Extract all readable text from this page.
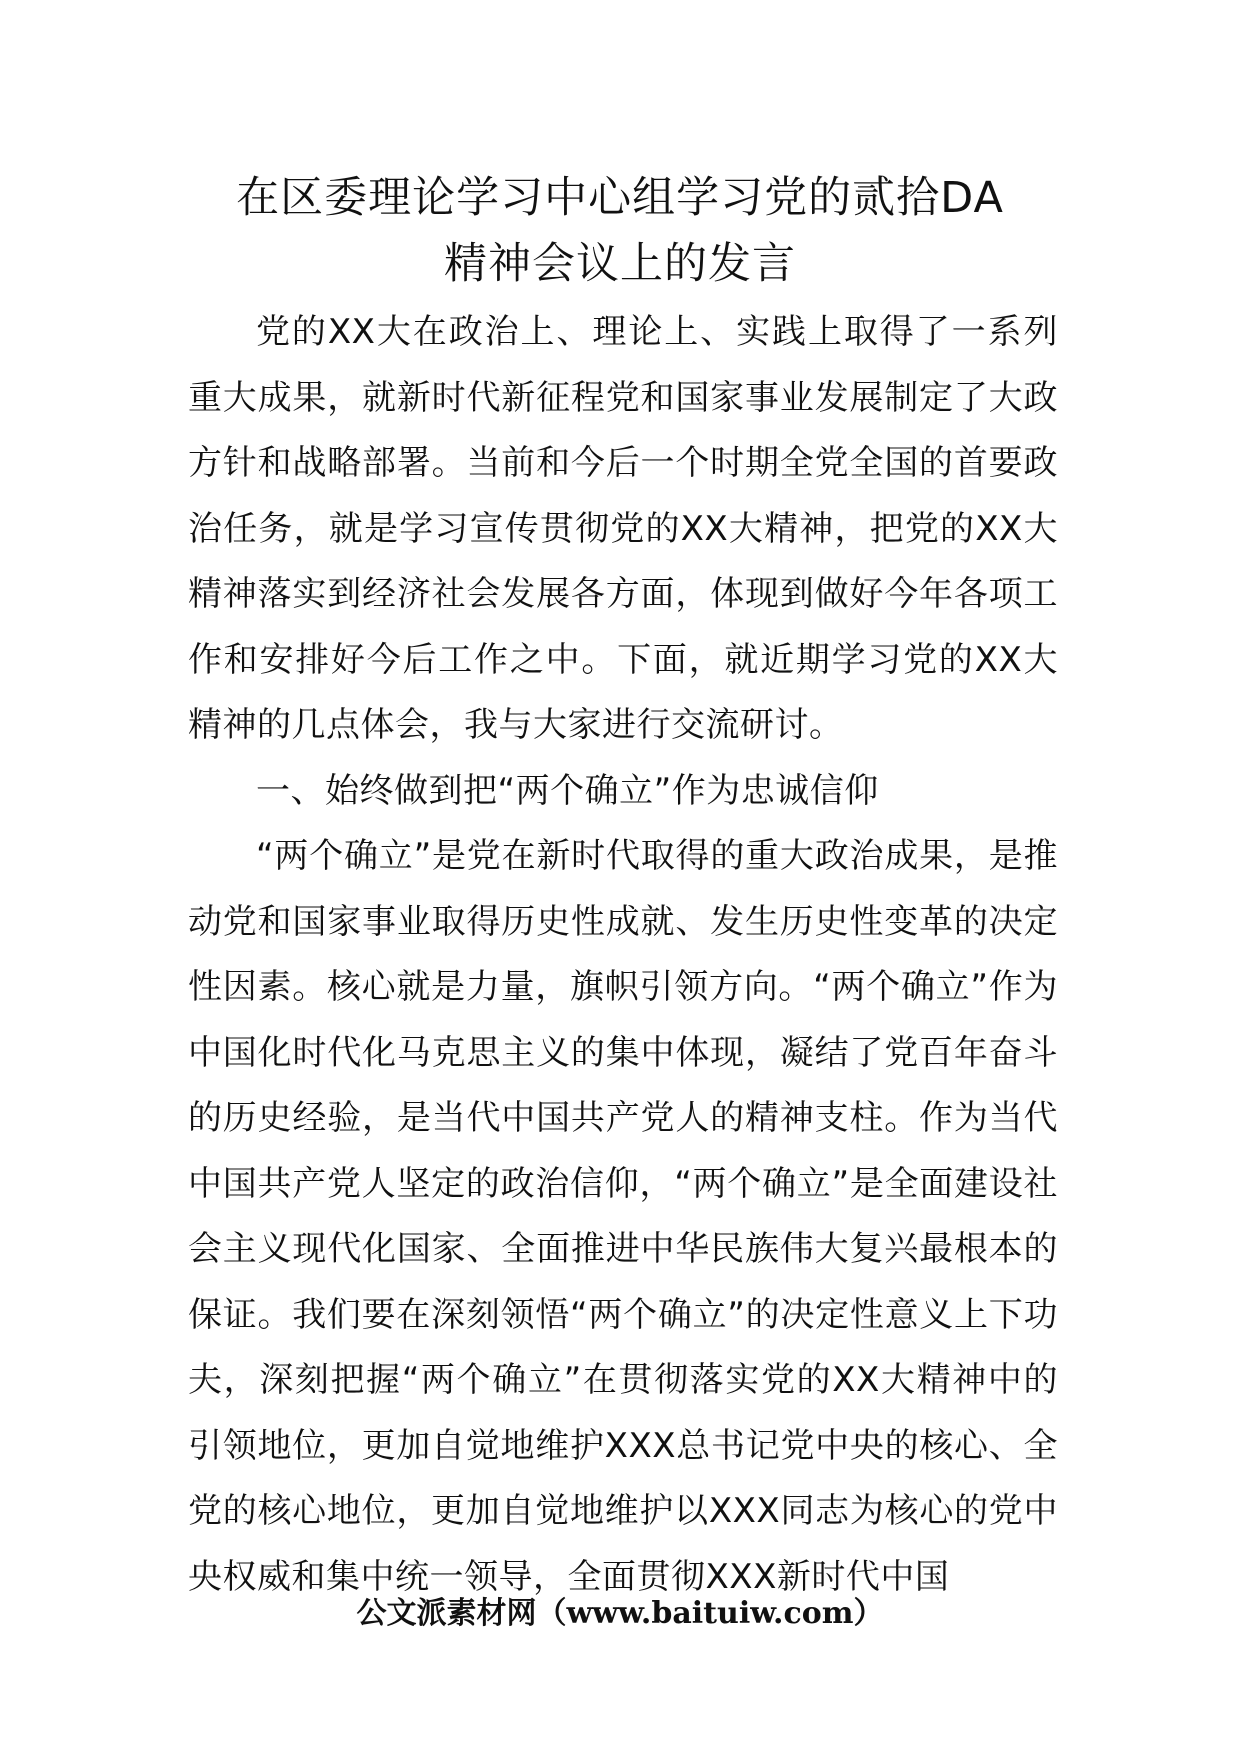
在区委理论学习中心组学习党的贰拾DA
精神会议上的发言

党的XX大在政治上、理论上、实践上取得了一系列重大成果，就新时代新征程党和国家事业发展制定了大政方针和战略部署。当前和今后一个时期全党全国的首要政治任务，就是学习宣传贯彻党的XX大精神，把党的XX大精神落实到经济社会发展各方面，体现到做好今年各项工作和安排好今后工作之中。下面，就近期学习党的XX大精神的几点体会，我与大家进行交流研讨。

一、始终做到把“两个确立”作为忠诚信仰

“两个确立”是党在新时代取得的重大政治成果，是推动党和国家事业取得历史性成就、发生历史性变革的决定性因素。核心就是力量，旗帜引领方向。“两个确立”作为中国化时代化马克思主义的集中体现，凝结了党百年奋斗的历史经验，是当代中国共产党人的精神支柱。作为当代中国共产党人坚定的政治信仰，“两个确立”是全面建设社会主义现代化国家、全面推进中华民族伟大复兴最根本的保证。我们要在深刻领悟“两个确立”的决定性意义上下功夫，深刻把握“两个确立”在贯彻落实党的XX大精神中的引领地位，更加自觉地维护XXX总书记党中央的核心、全党的核心地位，更加自觉地维护以XXX同志为核心的党中央权威和集中统一领导，全面贯彻XXX新时代中国

公文派素材网（www.baituiw.com）
